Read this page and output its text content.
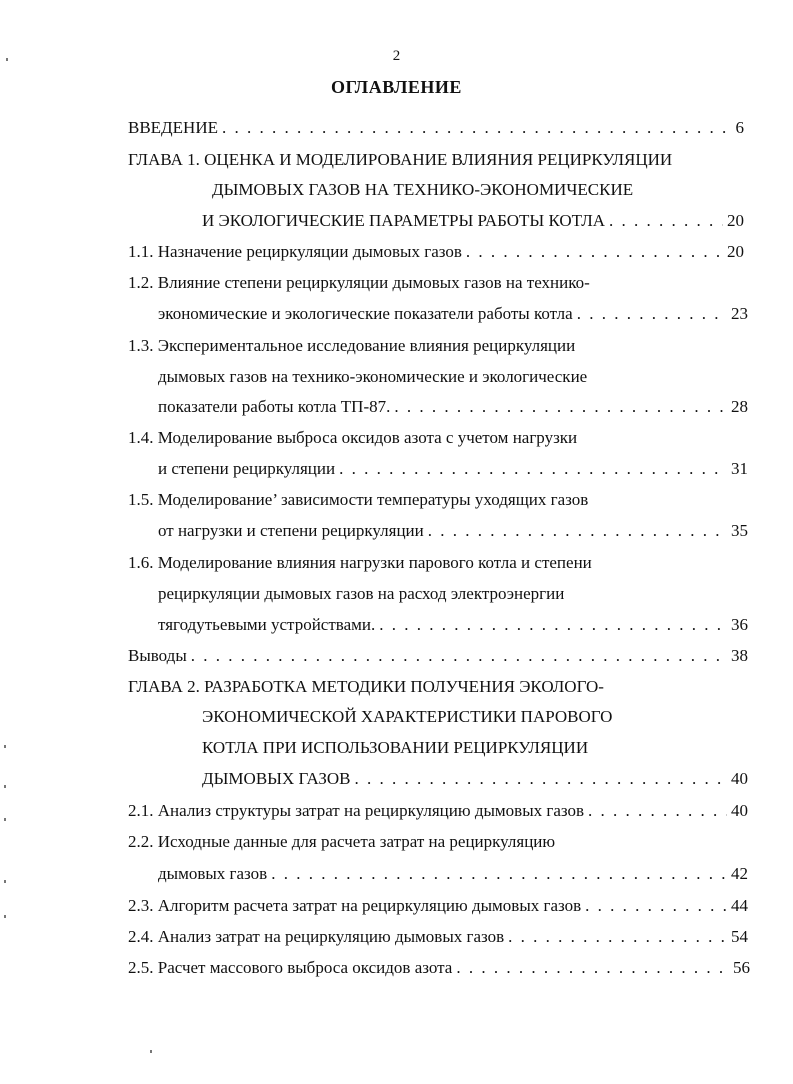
2
ОГЛАВЛЕНИЕ
ВВЕДЕНИЕ . . .	6
ГЛАВА 1. ОЦЕНКА И МОДЕЛИРОВАНИЕ ВЛИЯНИЯ РЕЦИРКУЛЯЦИИ
ДЫМОВЫХ ГАЗОВ НА ТЕХНИКО-ЭКОНОМИЧЕСКИЕ
И ЭКОЛОГИЧЕСКИЕ ПАРАМЕТРЫ РАБОТЫ КОТЛА . . .	20
1.1. Назначение рециркуляции дымовых газов . . .	20
1.2. Влияние степени рециркуляции дымовых газов на технико-
экономические и экологические показатели работы котла . . .	23
1.3. Экспериментальное исследование влияния рециркуляции
дымовых газов на технико-экономические и экологические
показатели работы котла ТП-87. . . .	28
1.4. Моделирование выброса оксидов азота с учетом нагрузки
и степени рециркуляции . . .	31
1.5. Моделирование’ зависимости температуры уходящих газов
от нагрузки и степени рециркуляции . . .	35
1.6. Моделирование влияния нагрузки парового котла и степени
рециркуляции дымовых газов на расход электроэнергии
тягодутьевыми устройствами. . . .	36
Выводы . . .	38
ГЛАВА 2. РАЗРАБОТКА МЕТОДИКИ ПОЛУЧЕНИЯ ЭКОЛОГО-
ЭКОНОМИЧЕСКОЙ ХАРАКТЕРИСТИКИ ПАРОВОГО
КОТЛА ПРИ ИСПОЛЬЗОВАНИИ РЕЦИРКУЛЯЦИИ
ДЫМОВЫХ ГАЗОВ . . .	40
2.1. Анализ структуры затрат на рециркуляцию дымовых газов . . .	40
2.2. Исходные данные для расчета затрат на рециркуляцию
дымовых газов . . .	42
2.3. Алгоритм расчета затрат на рециркуляцию дымовых газов . . .	44
2.4. Анализ затрат на рециркуляцию дымовых газов . . .	54
2.5. Расчет массового выброса оксидов азота . . .	56
